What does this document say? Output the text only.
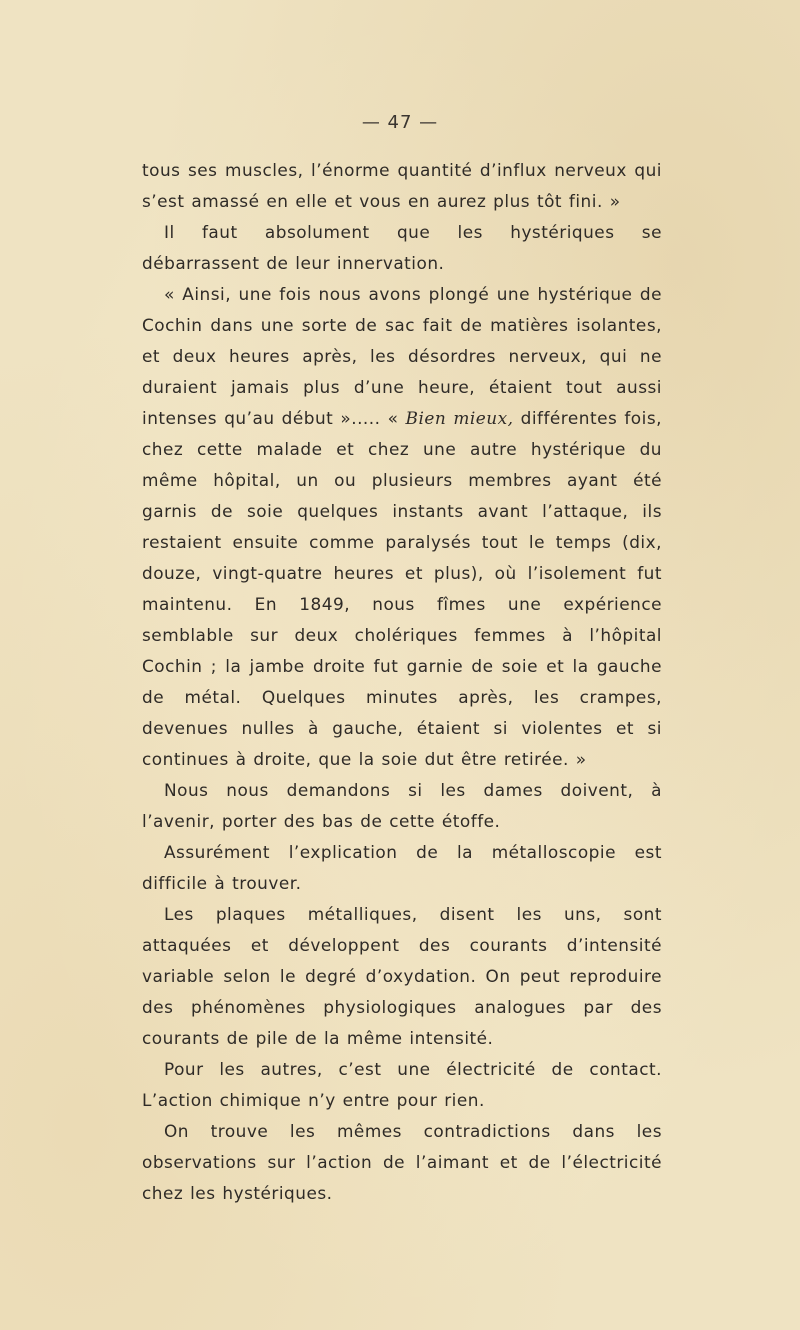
— 47 —

tous ses muscles, l’énorme quantité d’influx nerveux qui s’est amassé en elle et vous en aurez plus tôt fini. »

Il faut absolument que les hystériques se débarrassent de leur innervation.

« Ainsi, une fois nous avons plongé une hystérique de Cochin dans une sorte de sac fait de matières isolantes, et deux heures après, les désordres nerveux, qui ne duraient jamais plus d’une heure, étaient tout aussi intenses qu’au début »..... « Bien mieux, différentes fois, chez cette malade et chez une autre hystérique du même hôpital, un ou plusieurs membres ayant été garnis de soie quelques instants avant l’attaque, ils restaient ensuite comme paralysés tout le temps (dix, douze, vingt-quatre heures et plus), où l’isolement fut maintenu. En 1849, nous fîmes une expérience semblable sur deux cholériques femmes à l’hôpital Cochin ; la jambe droite fut garnie de soie et la gauche de métal. Quelques minutes après, les crampes, devenues nulles à gauche, étaient si violentes et si continues à droite, que la soie dut être retirée. »

Nous nous demandons si les dames doivent, à l’avenir, porter des bas de cette étoffe.

Assurément l’explication de la métalloscopie est difficile à trouver.

Les plaques métalliques, disent les uns, sont attaquées et développent des courants d’intensité variable selon le degré d’oxydation. On peut reproduire des phénomènes physiologiques analogues par des courants de pile de la même intensité.

Pour les autres, c’est une électricité de contact. L’action chimique n’y entre pour rien.

On trouve les mêmes contradictions dans les observations sur l’action de l’aimant et de l’électricité chez les hystériques.
